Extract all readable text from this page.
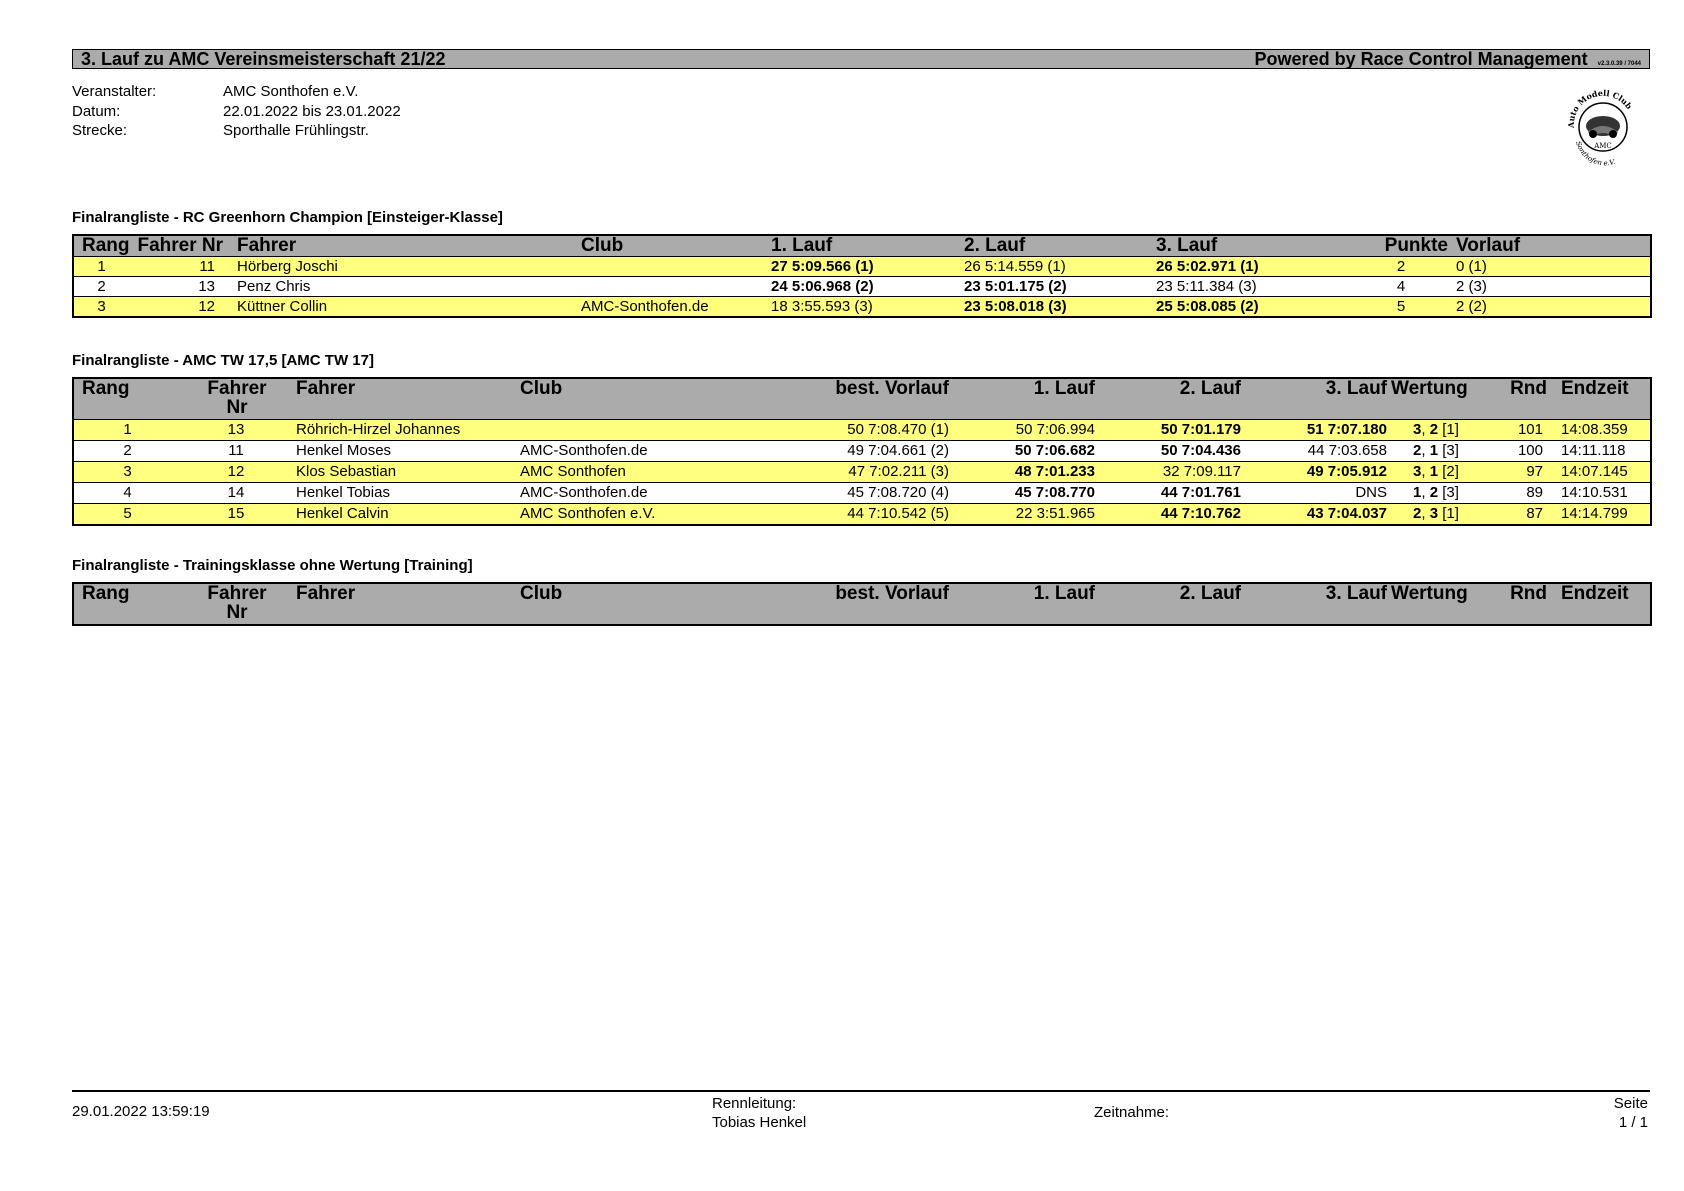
3. Lauf zu AMC Vereinsmeisterschaft 21/22	Powered by Race Control Management v2.3.0.39 / 7044
Veranstalter:	AMC Sonthofen e.V.
Datum:	22.01.2022 bis 23.01.2022
Strecke:	Sporthalle Frühlingstr.	Auto Modell Club
AMC
Sonthofen e.V.
Finalrangliste - RC Greenhorn Champion [Einsteiger-Klasse]
Rang	Fahrer Nr	Fahrer	Club	1. Lauf	2. Lauf	3. Lauf	Punkte	Vorlauf
1	11	Hörberg Joschi		27 5:09.566 (1)	26 5:14.559 (1)	26 5:02.971 (1)	2	0 (1)
2	13	Penz Chris		24 5:06.968 (2)	23 5:01.175 (2)	23 5:11.384 (3)	4	2 (3)
3	12	Küttner Collin	AMC-Sonthofen.de	18 3:55.593 (3)	23 5:08.018 (3)	25 5:08.085 (2)	5	2 (2)
Finalrangliste - AMC TW 17,5 [AMC TW 17]
Rang	Fahrer Nr		Fahrer	Club	best. Vorlauf	1. Lauf	2. Lauf	3. Lauf	Wertung	Rnd	Endzeit
1	13		Röhrich-Hirzel Johannes		50 7:08.470 (1)	50 7:06.994	50 7:01.179	51 7:07.180	3, 2 [1]	101	14:08.359
2	11		Henkel Moses	AMC-Sonthofen.de	49 7:04.661 (2)	50 7:06.682	50 7:04.436	44 7:03.658	2, 1 [3]	100	14:11.118
3	12		Klos Sebastian	AMC Sonthofen	47 7:02.211 (3)	48 7:01.233	32 7:09.117	49 7:05.912	3, 1 [2]	97	14:07.145
4	14		Henkel Tobias	AMC-Sonthofen.de	45 7:08.720 (4)	45 7:08.770	44 7:01.761	DNS	1, 2 [3]	89	14:10.531
5	15		Henkel Calvin	AMC Sonthofen e.V.	44 7:10.542 (5)	22 3:51.965	44 7:10.762	43 7:04.037	2, 3 [1]	87	14:14.799
Finalrangliste - Trainingsklasse ohne Wertung [Training]
Rang	Fahrer Nr		Fahrer	Club	best. Vorlauf	1. Lauf	2. Lauf	3. Lauf	Wertung	Rnd	Endzeit
29.01.2022 13:59:19	Rennleitung:
Tobias Henkel
Zeitnahme:
Seite
1 / 1
